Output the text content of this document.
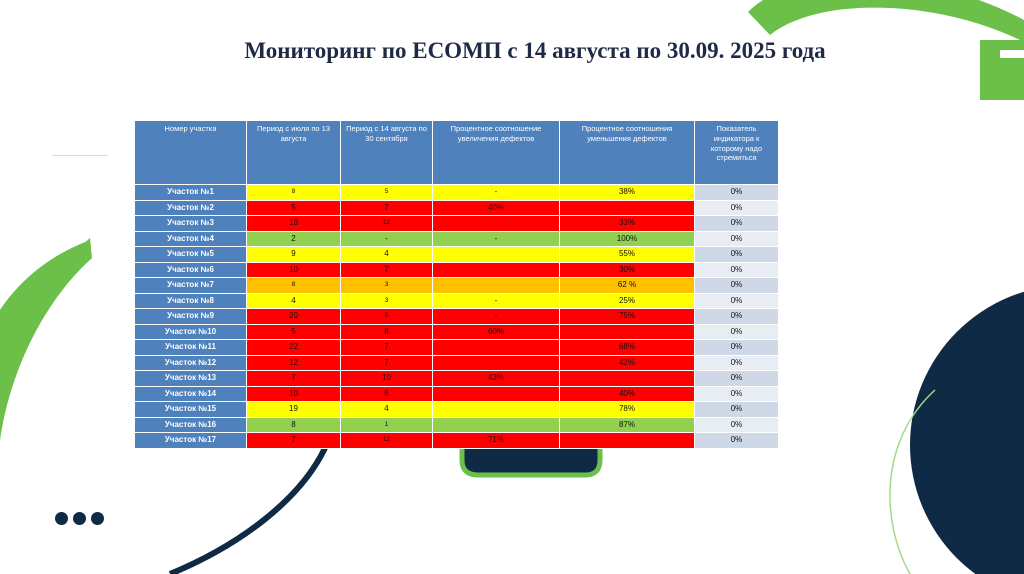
Мониторинг по ЕСОМП с 14 августа по 30.09. 2025 года
Номер участка	Период с июля по 13 августа	Период с 14 августа по 30 сентября	Процентное соотношение увеличения дефектов	Процентное соотношения уменьшения дефектов	Показатель индикатора к которому надо стремиться
Участок №1	8	5	-	38%	0%
Участок №2	5	7	40%		0%
Участок №3	18	12		33%	0%
Участок №4	2	-	-	100%	0%
Участок №5	9	4		55%	0%
Участок №6	10	7		30%	0%
Участок №7	8	3		62 %	0%
Участок №8	4	3	-	25%	0%
Участок №9	20	5	-	75%	0%
Участок №10	5	8	60%		0%
Участок №11	22	7		68%	0%
Участок №12	12	7		42%	0%
Участок №13	7	10	43%		0%
Участок №14	10	6		40%	0%
Участок №15	19	4		78%	0%
Участок №16	8	1		87%	0%
Участок №17	7	12	71%		0%
